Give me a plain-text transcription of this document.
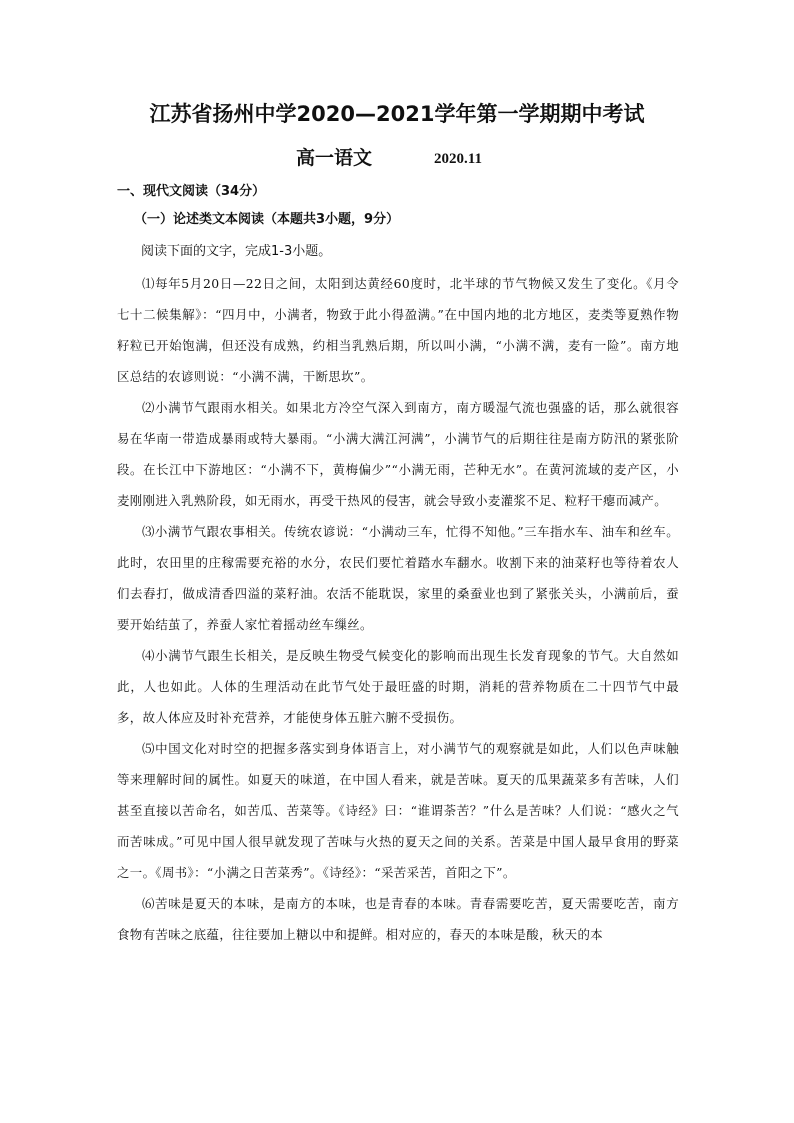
江苏省扬州中学2020—2021学年第一学期期中考试
高一语文	2020.11
一、现代文阅读（34分）
（一）论述类文本阅读（本题共3小题，9分）
阅读下面的文字，完成1-3小题。

⑴每年5月20日—22日之间，太阳到达黄经60度时，北半球的节气物候又发生了变化。《月令七十二候集解》：“四月中，小满者，物致于此小得盈满。”在中国内地的北方地区，麦类等夏熟作物籽粒已开始饱满，但还没有成熟，约相当乳熟后期，所以叫小满，“小满不满，麦有一险”。南方地区总结的农谚则说：“小满不满，干断思坎”。

⑵小满节气跟雨水相关。如果北方冷空气深入到南方，南方暖湿气流也强盛的话，那么就很容易在华南一带造成暴雨或特大暴雨。“小满大满江河满”，小满节气的后期往往是南方防汛的紧张阶段。在长江中下游地区：“小满不下，黄梅偏少”“小满无雨，芒种无水”。在黄河流域的麦产区，小麦刚刚进入乳熟阶段，如无雨水，再受干热风的侵害，就会导致小麦灌浆不足、粒籽干瘪而减产。

⑶小满节气跟农事相关。传统农谚说：“小满动三车，忙得不知他。”三车指水车、油车和丝车。此时，农田里的庄稼需要充裕的水分，农民们要忙着踏水车翻水。收割下来的油菜籽也等待着农人们去舂打，做成清香四溢的菜籽油。农活不能耽误，家里的桑蚕业也到了紧张关头，小满前后，蚕要开始结茧了，养蚕人家忙着摇动丝车缫丝。

⑷小满节气跟生长相关，是反映生物受气候变化的影响而出现生长发育现象的节气。大自然如此，人也如此。人体的生理活动在此节气处于最旺盛的时期，消耗的营养物质在二十四节气中最多，故人体应及时补充营养，才能使身体五脏六腑不受损伤。

⑸中国文化对时空的把握多落实到身体语言上，对小满节气的观察就是如此，人们以色声味触等来理解时间的属性。如夏天的味道，在中国人看来，就是苦味。夏天的瓜果蔬菜多有苦味，人们甚至直接以苦命名，如苦瓜、苦菜等。《诗经》曰：“谁谓荼苦？”什么是苦味？人们说：“感火之气而苦味成。”可见中国人很早就发现了苦味与火热的夏天之间的关系。苦菜是中国人最早食用的野菜之一。《周书》：“小满之日苦菜秀”。《诗经》：“采苦采苦，首阳之下”。

⑹苦味是夏天的本味，是南方的本味，也是青春的本味。青春需要吃苦，夏天需要吃苦，南方食物有苦味之底蕴，往往要加上糖以中和提鲜。相对应的，春天的本味是酸，秋天的本
